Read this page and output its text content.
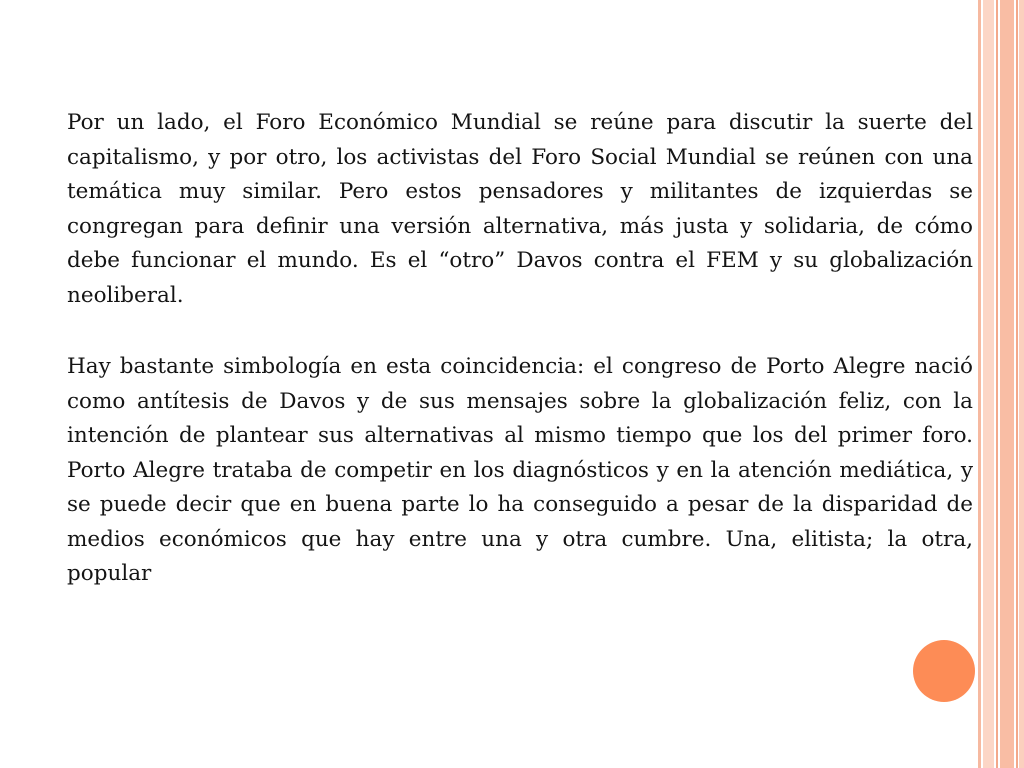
Por un lado, el Foro Económico Mundial se reúne para discutir la suerte del capitalismo, y por otro, los activistas del Foro Social Mundial se reúnen con una temática muy similar. Pero estos pensadores y militantes de izquierdas se congregan para definir una versión alternativa, más justa y solidaria, de cómo debe funcionar el mundo. Es el “otro” Davos contra el FEM y su globalización neoliberal.

Hay bastante simbología en esta coincidencia: el congreso de Porto Alegre nació como antítesis de Davos y de sus mensajes sobre la globalización feliz, con la intención de plantear sus alternativas al mismo tiempo que los del primer foro. Porto Alegre trataba de competir en los diagnósticos y en la atención mediática, y se puede decir que en buena parte lo ha conseguido a pesar de la disparidad de medios económicos que hay entre una y otra cumbre. Una, elitista; la otra, popular
